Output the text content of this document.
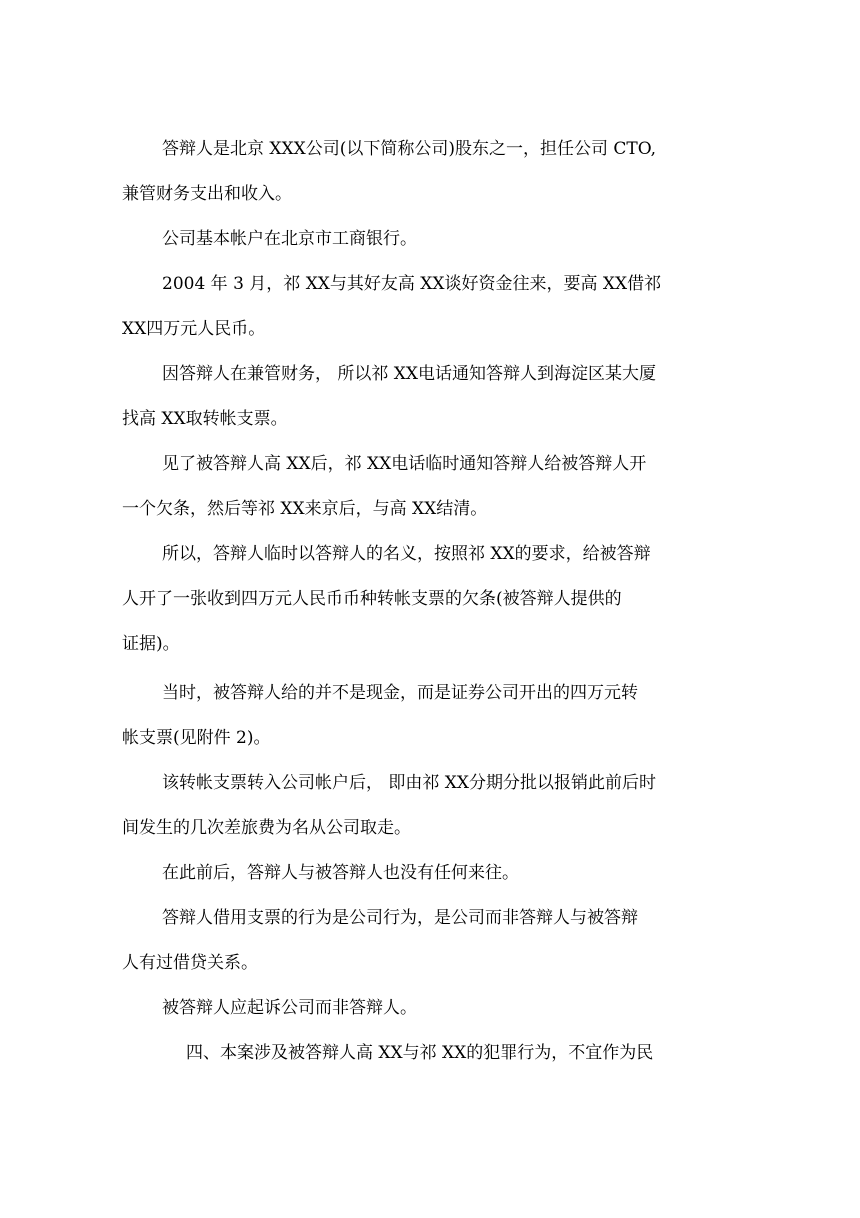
答辩人是北京 XXX公司(以下简称公司)股东之一，担任公司 CTO,

兼管财务支出和收入。

公司基本帐户在北京市工商银行。

2004 年 3 月，祁 XX与其好友高 XX谈好资金往来，要高 XX借祁

XX四万元人民币。

因答辩人在兼管财务， 所以祁 XX电话通知答辩人到海淀区某大厦

找高 XX取转帐支票。

见了被答辩人高 XX后，祁 XX电话临时通知答辩人给被答辩人开

一个欠条，然后等祁 XX来京后，与高 XX结清。

所以，答辩人临时以答辩人的名义，按照祁 XX的要求，给被答辩

人开了一张收到四万元人民币币种转帐支票的欠条(被答辩人提供的

证据)。

当时，被答辩人给的并不是现金，而是证券公司开出的四万元转

帐支票(见附件 2)。

该转帐支票转入公司帐户后， 即由祁 XX分期分批以报销此前后时

间发生的几次差旅费为名从公司取走。

在此前后，答辩人与被答辩人也没有任何来往。

答辩人借用支票的行为是公司行为，是公司而非答辩人与被答辩

人有过借贷关系。

被答辩人应起诉公司而非答辩人。

四、本案涉及被答辩人高 XX与祁 XX的犯罪行为，不宜作为民
